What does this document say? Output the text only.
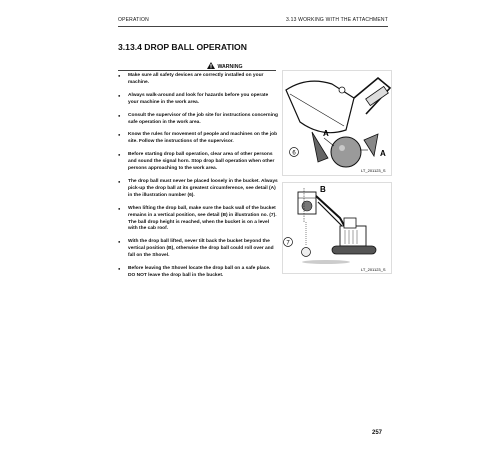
OPERATION	3.13 WORKING WITH THE ATTACHMENT
3.13.4 DROP BALL OPERATION
WARNING
● Make sure all safety devices are correctly installed on your machine.
● Always walk-around and look for hazards before you operate your machine in the work area.
● Consult the supervisor of the job site for instructions concerning safe operation in the work area.
● Know the rules for movement of people and machines on the job site. Follow the instructions of the supervisor.
● Before starting drop ball operation, clear area of other persons and sound the signal horn. Stop drop ball operation when other persons approaching to the work area.
● The drop ball must never be placed loosely in the bucket. Always pick-up the drop ball at its greatest circumference, see detail (A) in the illustration number (6).
● When lifting the drop ball, make sure the back wall of the bucket remains in a vertical position, see detail (B) in illustration no. (7). The ball drop height is reached, when the bucket is on a level with the cab roof.
● With the drop ball lifted, never tilt back the bucket beyond the vertical position (B), otherwise the drop ball could roll over and fall on the Shovel.
● Before leaving the Shovel locate the drop ball on a safe place. DO NOT leave the drop ball in the bucket.
6
A
A
LT_201123_S
7
B
LT_201123_S
257
